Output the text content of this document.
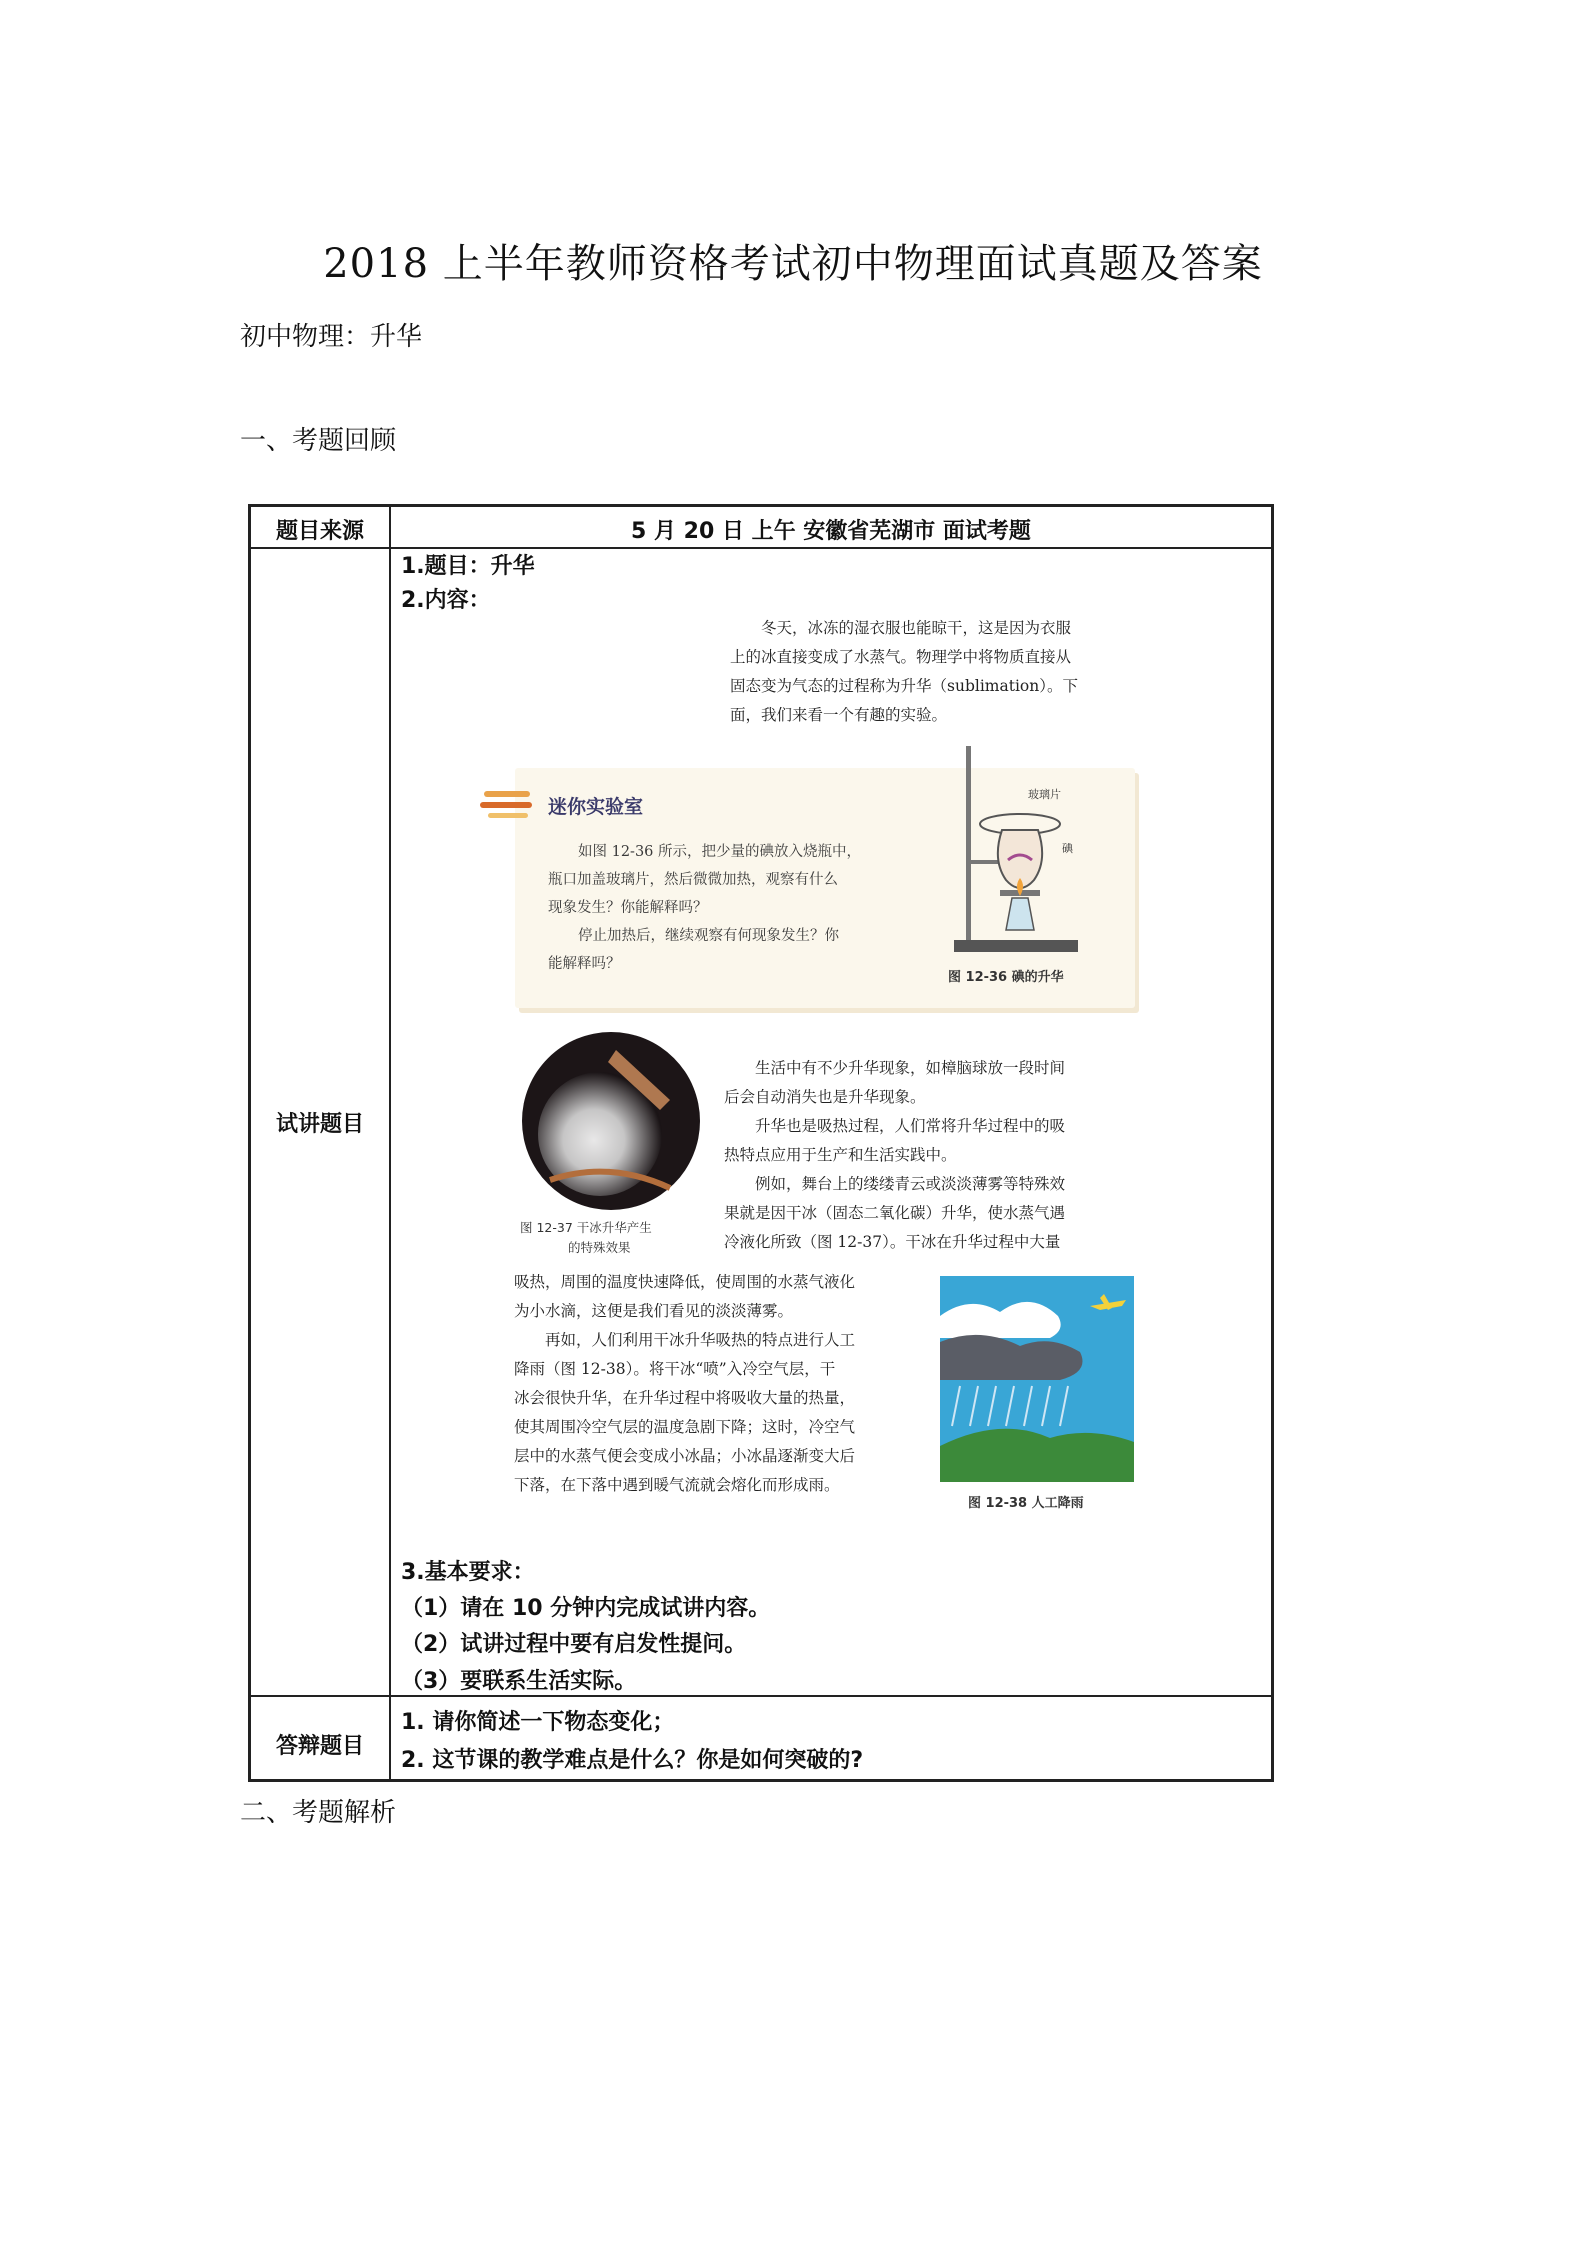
2018 上半年教师资格考试初中物理面试真题及答案
初中物理：升华
一、考题回顾
题目来源	5 月 20 日 上午 安徽省芜湖市 面试考题
试讲题目
答辩题目
1.题目：升华
2.内容：
3.基本要求：
（1）请在 10 分钟内完成试讲内容。
（2）试讲过程中要有启发性提问。
（3）要联系生活实际。
1. 请你简述一下物态变化；
2. 这节课的教学难点是什么？你是如何突破的?
冬天，冰冻的湿衣服也能晾干，这是因为衣服
上的冰直接变成了水蒸气。物理学中将物质直接从
固态变为气态的过程称为升华（sublimation）。下
面，我们来看一个有趣的实验。
迷你实验室
如图 12-36 所示，把少量的碘放入烧瓶中，
瓶口加盖玻璃片，然后微微加热，观察有什么
现象发生？你能解释吗？
停止加热后，继续观察有何现象发生？你
能解释吗？
玻璃片
碘
图 12-36 碘的升华
图 12-37 干冰升华产生
的特殊效果
生活中有不少升华现象，如樟脑球放一段时间
后会自动消失也是升华现象。
升华也是吸热过程，人们常将升华过程中的吸
热特点应用于生产和生活实践中。
例如，舞台上的缕缕青云或淡淡薄雾等特殊效
果就是因干冰（固态二氧化碳）升华，使水蒸气遇
冷液化所致（图 12-37）。干冰在升华过程中大量
吸热，周围的温度快速降低，使周围的水蒸气液化
为小水滴，这便是我们看见的淡淡薄雾。
再如，人们利用干冰升华吸热的特点进行人工
降雨（图 12-38）。将干冰“喷”入冷空气层，干
冰会很快升华，在升华过程中将吸收大量的热量，
使其周围冷空气层的温度急剧下降；这时，冷空气
层中的水蒸气便会变成小冰晶；小冰晶逐渐变大后
下落，在下落中遇到暖气流就会熔化而形成雨。
图 12-38 人工降雨
二、考题解析
